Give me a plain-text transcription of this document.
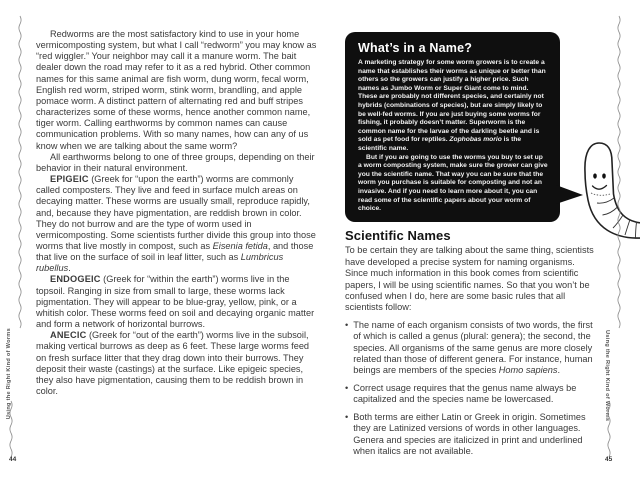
Redworms are the most satisfactory kind to use in your home vermicomposting system, but what I call “redworm” you may know as “red wiggler.” Your neighbor may call it a manure worm. The bait dealer down the road may refer to it as a red hybrid. Other common names for this same animal are fish worm, dung worm, fecal worm, English red worm, striped worm, stink worm, brandling, and apple pomace worm. A distinct pattern of alternating red and buff stripes characterizes some of these worms, hence another common name, tiger worm. Calling earthworms by common names can cause communication problems. With so many names, how can any of us know when we are talking about the same worm?

All earthworms belong to one of three groups, depending on their behavior in their natural environment.

EPIGEIC (Greek for “upon the earth”) worms are commonly called composters. They live and feed in surface mulch areas on decaying matter. These worms are usually small, reproduce rapidly, and, because they have pigmentation, are reddish brown in color. They do not burrow and are the type of worm used in vermicomposting. Some scientists further divide this group into those worms that live mostly in compost, such as Eisenia fetida, and those that live on the surface of soil in leaf litter, such as Lumbricus rubellus.

ENDOGEIC (Greek for “within the earth”) worms live in the topsoil. Ranging in size from small to large, these worms lack pigmentation. They will appear to be blue-gray, yellow, pink, or a whitish color. These worms feed on soil and decaying organic matter and form a network of horizontal burrows.

ANECIC (Greek for “out of the earth”) worms live in the subsoil, making vertical burrows as deep as 6 feet. These large worms feed on fresh surface litter that they drag down into their burrows. They deposit their waste (castings) at the surface. Like epigeic species, they also have pigmentation, causing them to be reddish brown in color.

Using the Right Kind of Worms
44
What’s in a Name?

A marketing strategy for some worm growers is to create a name that establishes their worms as unique or better than others so the growers can justify a higher price. Such names as Jumbo Worm or Super Giant come to mind. These are probably not different species, and certainly not hybrids (combinations of species), but are simply likely to be well-fed worms. If you are just buying some worms for fishing, it probably doesn’t matter. Superworm is the common name for the larvae of the darkling beetle and is sold as pet food for reptiles. Zophobas morio is the scientific name.

But if you are going to use the worms you buy to set up a worm composting system, make sure the grower can give you the scientific name. That way you can be sure that the worm you purchase is suitable for composting and not an invasive. And if you need to learn more about it, you can read some of the scientific papers about your worm of choice.

Scientific Names

To be certain they are talking about the same thing, scientists have developed a precise system for naming organisms. Since much information in this book comes from scientific papers, I will be using scientific names. So that you won’t be confused when I do, here are some basic rules that all scientists follow:

• The name of each organism consists of two words, the first of which is called a genus (plural: genera); the second, the species. All organisms of the same genus are more closely related than those of different genera. For instance, human beings are members of the species Homo sapiens.
• Correct usage requires that the genus name always be capitalized and the species name be lowercased.
• Both terms are either Latin or Greek in origin. Sometimes they are Latinized versions of words in other languages. Genera and species are italicized in print and underlined when italics are not available.
Using the Right Kind of Worms
45
